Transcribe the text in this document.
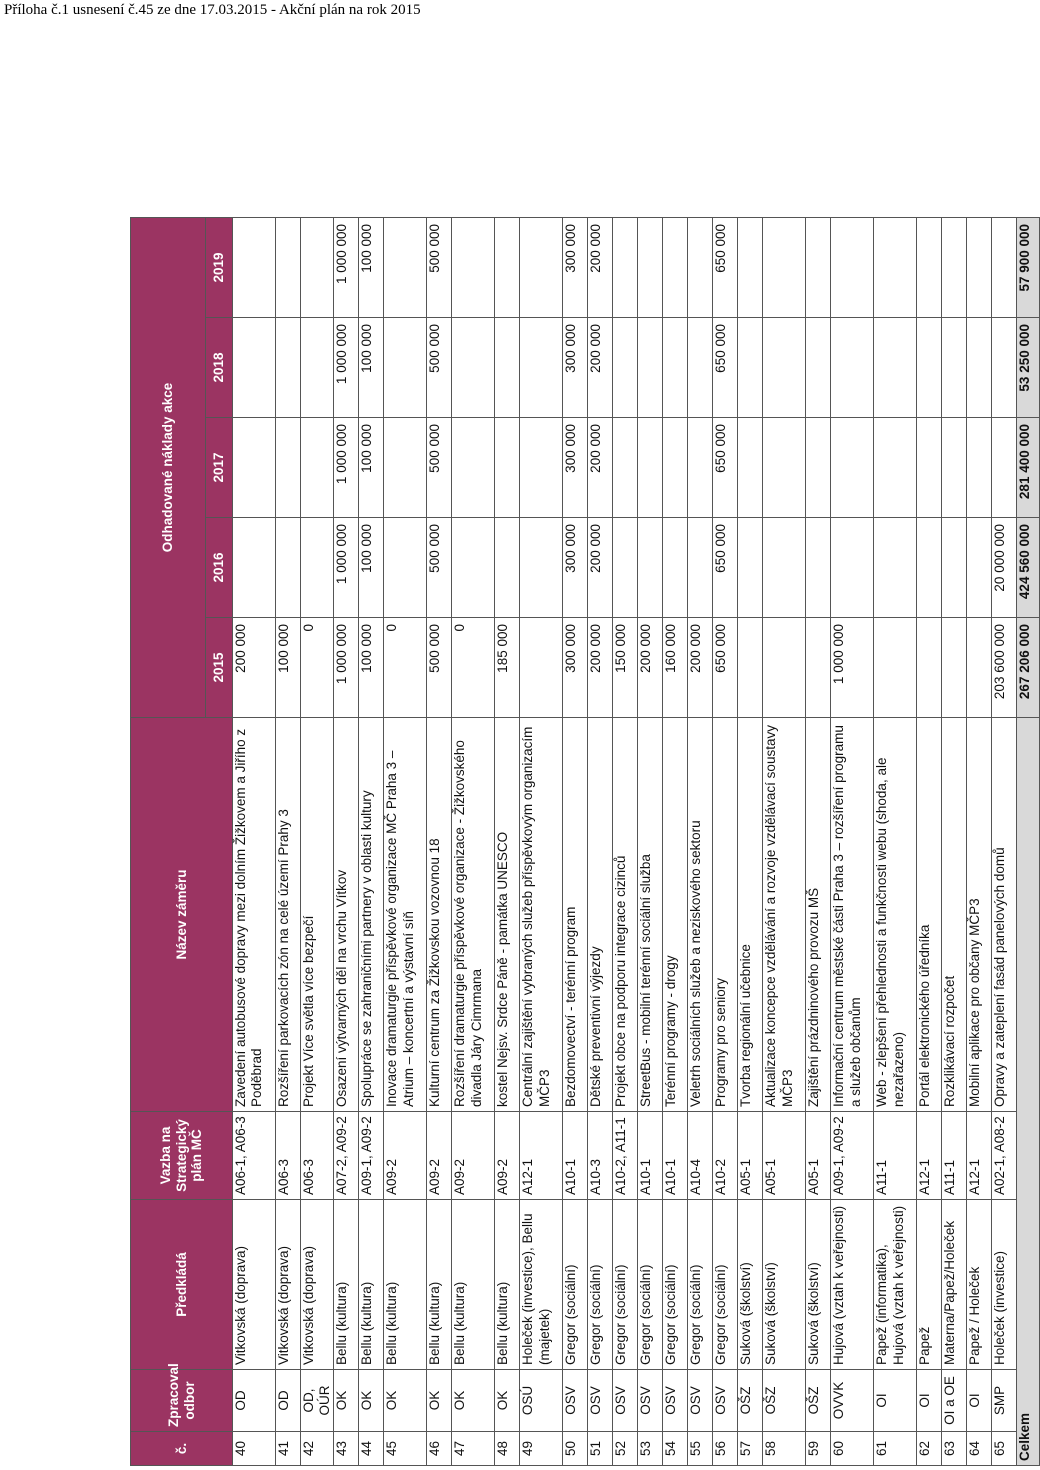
Příloha č.1 usnesení č.45 ze dne 17.03.2015 - Akční plán na rok 2015
č.	Zpracoval odbor	Předkládá	Vazba na Strategický plán MČ	Název záměru	Odhadované náklady akce				
					2015	2016	2017	2018	2019
40	OD	Vitkovská (doprava)	A06-1, A06-3	Zavedení autobusové dopravy mezi dolním Žižkovem a Jiřího z Poděbrad	200 000				
41	OD	Vitkovská (doprava)	A06-3	Rozšíření parkovacích zón na celé území Prahy 3	100 000				
42	OD, OÚR	Vitkovská (doprava)	A06-3	Projekt Více světla více bezpečí	0				
43	OK	Bellu (kultura)	A07-2, A09-2	Osazení výtvarných děl na vrchu Vítkov	1 000 000	1 000 000	1 000 000	1 000 000	1 000 000
44	OK	Bellu (kultura)	A09-1, A09-2	Spolupráce se zahraničními partnery v oblasti kultury	100 000	100 000	100 000	100 000	100 000
45	OK	Bellu (kultura)	A09-2	Inovace dramaturgie příspěvkové organizace MČ Praha 3 – Atrium – koncertní a výstavní síň	0				
46	OK	Bellu (kultura)	A09-2	Kulturní centrum za Žižkovskou vozovnou 18	500 000	500 000	500 000	500 000	500 000
47	OK	Bellu (kultura)	A09-2	Rozšíření dramaturgie příspěvkové organizace - Žižkovského divadla Járy Cimrmana	0				
48	OK	Bellu (kultura)	A09-2	kostel Nejsv. Srdce Páně - památka UNESCO	185 000				
49	OSÚ	Holeček (investice), Bellu (majetek)	A12-1	Centrální zajištění vybraných služeb příspěvkovým organizacím MČP3					
50	OSV	Gregor (sociální)	A10-1	Bezdomovectví - terénní program	300 000	300 000	300 000	300 000	300 000
51	OSV	Gregor (sociální)	A10-3	Dětské preventivní výjezdy	200 000	200 000	200 000	200 000	200 000
52	OSV	Gregor (sociální)	A10-2, A11-1	Projekt obce na podporu integrace cizinců	150 000				
53	OSV	Gregor (sociální)	A10-1	StreetBus - mobilní terénní sociální služba	200 000				
54	OSV	Gregor (sociální)	A10-1	Terénní programy - drogy	160 000				
55	OSV	Gregor (sociální)	A10-4	Veletrh sociálních služeb a neziskového sektoru	200 000				
56	OSV	Gregor (sociální)	A10-2	Programy pro seniory	650 000	650 000	650 000	650 000	650 000
57	OŠZ	Suková (školství)	A05-1	Tvorba regionální učebnice					
58	OŠZ	Suková (školství)	A05-1	Aktualizace koncepce vzdělávání a rozvoje vzdělávací soustavy MČP3					
59	OŠZ	Suková (školství)	A05-1	Zajištění prázdninového provozu MŠ					
60	OVVK	Hujová (vztah k veřejnosti)	A09-1, A09-2	Informační centrum městské části Praha 3 – rozšíření programu a služeb občanům	1 000 000				
61	OI	Papež (informatika), Hujová (vztah k veřejnosti)	A11-1	Web - zlepšení přehlednosti a funkčnosti webu (shoda, ale nezařazeno)					
62	OI	Papež	A12-1	Portál elektronického úředníka					
63	OI a OE	Materna/Papež/Holeček	A11-1	Rozklikávací rozpočet					
64	OI	Papež / Holeček	A12-1	Mobilní aplikace pro občany MČP3					
65	SMP	Holeček (investice)	A02-1, A08-2	Opravy a zateplení fasád panelových domů	203 600 000	20 000 000			
Celkem					267 206 000	424 560 000	281 400 000	53 250 000	57 900 000
